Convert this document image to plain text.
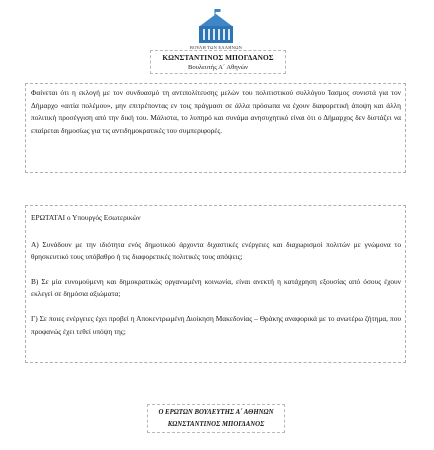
ΒΟΥΛΗ ΤΩΝ ΕΛΛΗΝΩΝ
ΚΩΝΣΤΑΝΤΙΝΟΣ ΜΠΟΓΔΑΝΟΣ
Βουλευτής Α΄ Αθηνών
Φαίνεται ότι η εκλογή με τον συνδυασμό τη αντιπολίτευσης μελών του πολιτιστικού συλλόγου Ίασμος συνιστά για τον Δήμαρχο «αιτία πολέμου», μην επιτρέποντας εν τοις πράγμασι σε άλλα πρόσωπα να έχουν διαφορετική άποψη και άλλη πολιτική προσέγγιση από την δική του. Μάλιστα, το λυπηρό και συνάμα ανησυχητικό είναι ότι ο Δήμαρχος δεν διστάζει να επαίρεται δημοσίως για τις αντιδημοκρατικές του συμπεριφορές.
ΕΡΩΤΑΤΑΙ ο Υπουργός Εσωτερικών
Α) Συνάδουν με την ιδιότητα ενός δημοτικού άρχοντα διχαστικές ενέργειες και διαχωρισμοί πολιτών με γνώμονα το θρησκευτικό τους υπόβαθρο ή τις διαφορετικές πολιτικές τους απόψεις;
Β) Σε μία ευνομούμενη και δημοκρατικώς οργανωμένη κοινωνία, είναι ανεκτή η κατάχρηση εξουσίας από όσους έχουν εκλεγεί σε δημόσια αξιώματα;
Γ) Σε ποιες ενέργειες έχει προβεί η Αποκεντρωμένη Διοίκηση Μακεδονίας – Θράκης αναφορικά με το ανωτέρω ζήτημα, που προφανώς έχει τεθεί υπόψη της;
Ο ΕΡΩΤΩΝ ΒΟΥΛΕΥΤΗΣ Α΄ ΑΘΗΝΩΝ
ΚΩΝΣΤΑΝΤΙΝΟΣ ΜΠΟΓΔΑΝΟΣ
